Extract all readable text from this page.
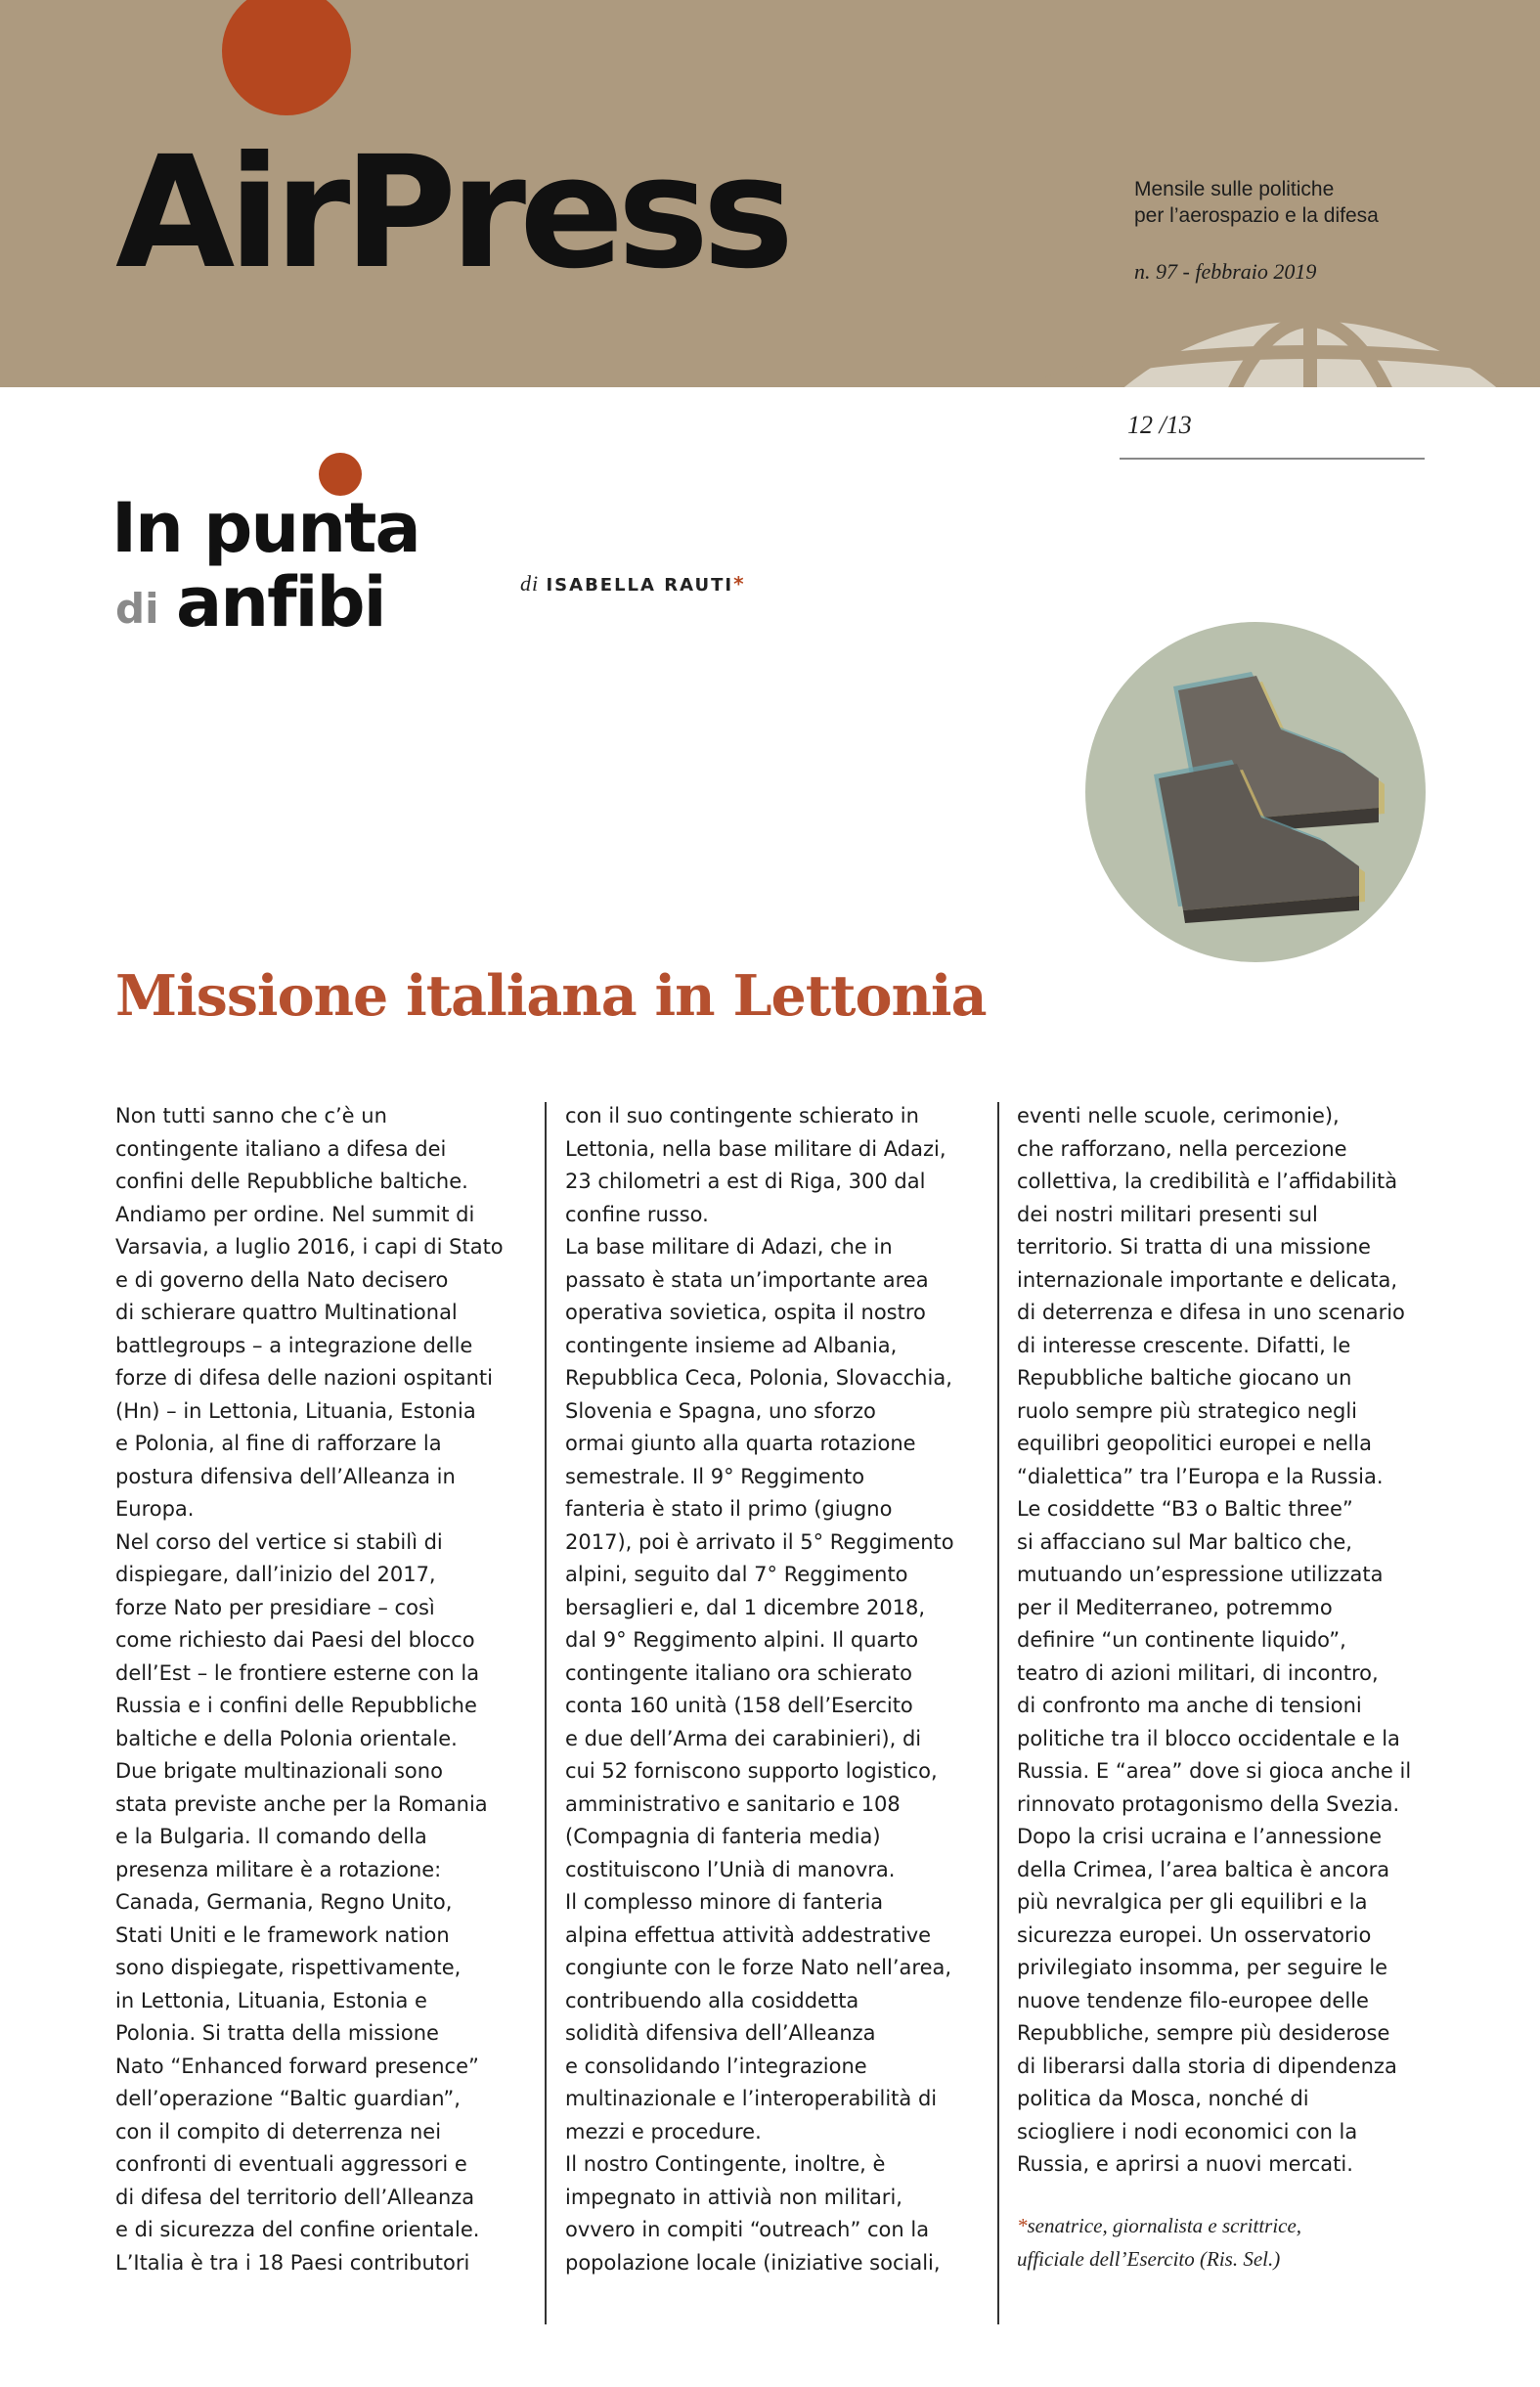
AirPress	Mensile sulle politiche
per l’aerospazio e la difesa
n. 97 - febbraio 2019
12 /13
In punta
di anfibi	di ISABELLA RAUTI*
Missione italiana in Lettonia

Non tutti sanno che c’è un

contingente italiano a difesa dei

confini delle Repubbliche baltiche.

Andiamo per ordine. Nel summit di

Varsavia, a luglio 2016, i capi di Stato

e di governo della Nato decisero

di schierare quattro Multinational

battlegroups – a integrazione delle

forze di difesa delle nazioni ospitanti

(Hn) – in Lettonia, Lituania, Estonia

e Polonia, al fine di rafforzare la

postura difensiva dell’Alleanza in

Europa.

Nel corso del vertice si stabilì di

dispiegare, dall’inizio del 2017,

forze Nato per presidiare – così

come richiesto dai Paesi del blocco

dell’Est – le frontiere esterne con la

Russia e i confini delle Repubbliche

baltiche e della Polonia orientale.

Due brigate multinazionali sono

stata previste anche per la Romania

e la Bulgaria. Il comando della

presenza militare è a rotazione:

Canada, Germania, Regno Unito,

Stati Uniti e le framework nation

sono dispiegate, rispettivamente,

in Lettonia, Lituania, Estonia e

Polonia. Si tratta della missione

Nato “Enhanced forward presence”

dell’operazione “Baltic guardian”,

con il compito di deterrenza nei

confronti di eventuali aggressori e

di difesa del territorio dell’Alleanza

e di sicurezza del confine orientale.

L’Italia è tra i 18 Paesi contributori

con il suo contingente schierato in

Lettonia, nella base militare di Adazi,

23 chilometri a est di Riga, 300 dal

confine russo.

La base militare di Adazi, che in

passato è stata un’importante area

operativa sovietica, ospita il nostro

contingente insieme ad Albania,

Repubblica Ceca, Polonia, Slovacchia,

Slovenia e Spagna, uno sforzo

ormai giunto alla quarta rotazione

semestrale. Il 9° Reggimento

fanteria è stato il primo (giugno

2017), poi è arrivato il 5° Reggimento

alpini, seguito dal 7° Reggimento

bersaglieri e, dal 1 dicembre 2018,

dal 9° Reggimento alpini. Il quarto

contingente italiano ora schierato

conta 160 unità (158 dell’Esercito

e due dell’Arma dei carabinieri), di

cui 52 forniscono supporto logistico,

amministrativo e sanitario e 108

(Compagnia di fanteria media)

costituiscono l’Unià di manovra.

Il complesso minore di fanteria

alpina effettua attività addestrative

congiunte con le forze Nato nell’area,

contribuendo alla cosiddetta

solidità difensiva dell’Alleanza

e consolidando l’integrazione

multinazionale e l’interoperabilità di

mezzi e procedure.

Il nostro Contingente, inoltre, è

impegnato in attivià non militari,

ovvero in compiti “outreach” con la

popolazione locale (iniziative sociali,

eventi nelle scuole, cerimonie),

che rafforzano, nella percezione

collettiva, la credibilità e l’affidabilità

dei nostri militari presenti sul

territorio. Si tratta di una missione

internazionale importante e delicata,

di deterrenza e difesa in uno scenario

di interesse crescente. Difatti, le

Repubbliche baltiche giocano un

ruolo sempre più strategico negli

equilibri geopolitici europei e nella

“dialettica” tra l’Europa e la Russia.

Le cosiddette “B3 o Baltic three”

si affacciano sul Mar baltico che,

mutuando un’espressione utilizzata

per il Mediterraneo, potremmo

definire “un continente liquido”,

teatro di azioni militari, di incontro,

di confronto ma anche di tensioni

politiche tra il blocco occidentale e la

Russia. E “area” dove si gioca anche il

rinnovato protagonismo della Svezia.

Dopo la crisi ucraina e l’annessione

della Crimea, l’area baltica è ancora

più nevralgica per gli equilibri e la

sicurezza europei. Un osservatorio

privilegiato insomma, per seguire le

nuove tendenze filo-europee delle

Repubbliche, sempre più desiderose

di liberarsi dalla storia di dipendenza

politica da Mosca, nonché di

sciogliere i nodi economici con la

Russia, e aprirsi a nuovi mercati.

*senatrice, giornalista e scrittrice,
ufficiale dell’Esercito (Ris. Sel.)
